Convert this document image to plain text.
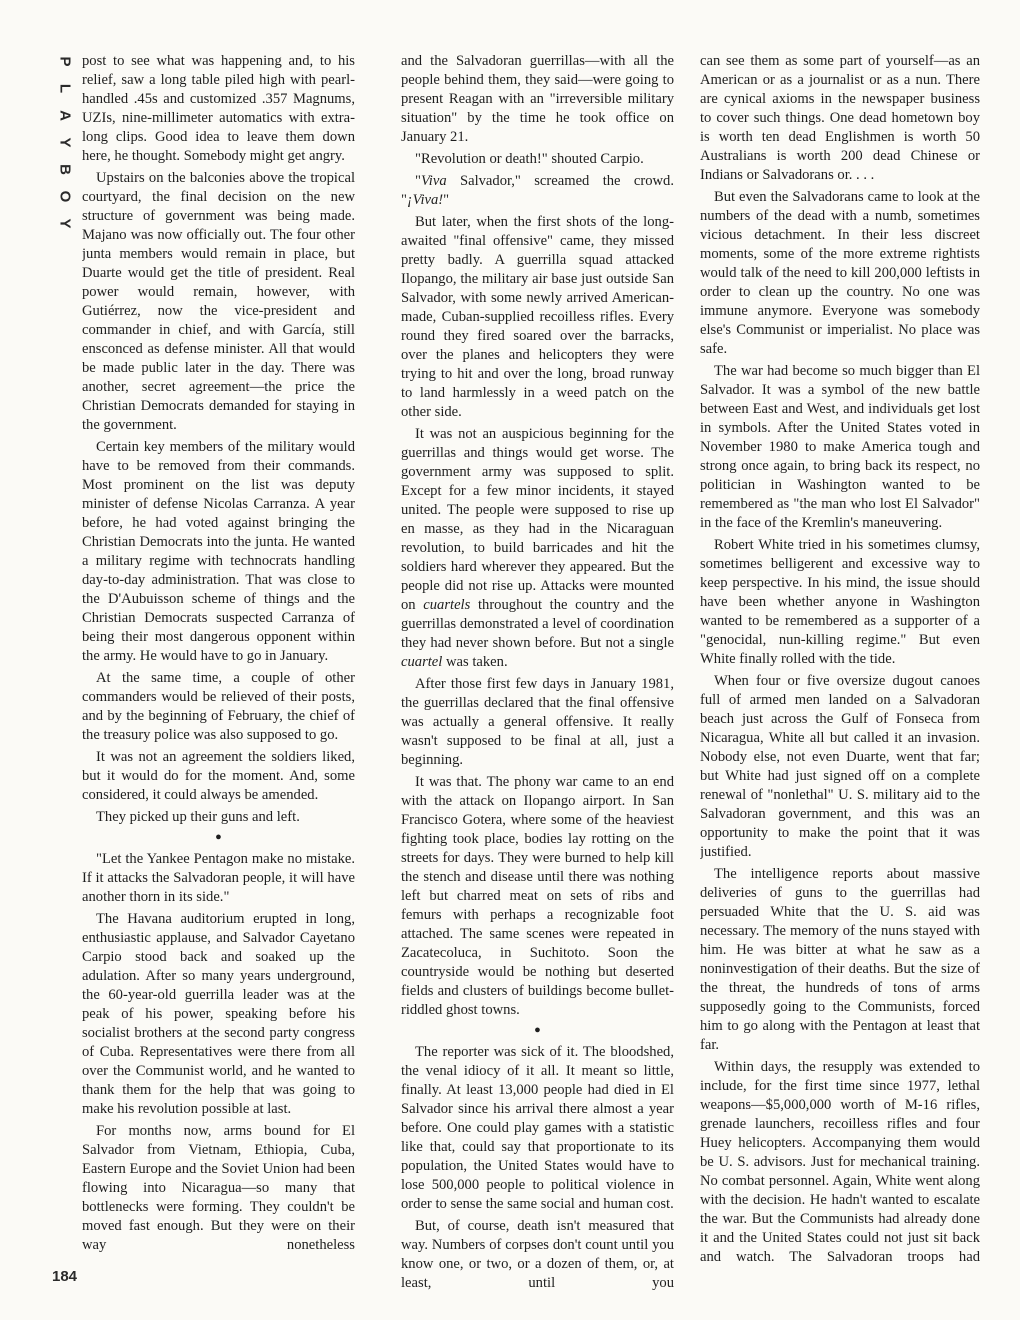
P
L
A
Y
B
O
Y
184

post to see what was happening and, to his relief, saw a long table piled high with pearl-handled .45s and customized .357 Magnums, UZIs, nine-millimeter automatics with extra-long clips. Good idea to leave them down here, he thought. Somebody might get angry.

Upstairs on the balconies above the tropical courtyard, the final decision on the new structure of government was being made. Majano was now officially out. The four other junta members would remain in place, but Duarte would get the title of president. Real power would remain, however, with Gutiérrez, now the vice-president and commander in chief, and with García, still ensconced as defense minister. All that would be made public later in the day. There was another, secret agreement—the price the Christian Democrats demanded for staying in the government.

Certain key members of the military would have to be removed from their commands. Most prominent on the list was deputy minister of defense Nicolas Carranza. A year before, he had voted against bringing the Christian Democrats into the junta. He wanted a military regime with technocrats handling day-to-day administration. That was close to the D'Aubuisson scheme of things and the Christian Democrats suspected Carranza of being their most dangerous opponent within the army. He would have to go in January.

At the same time, a couple of other commanders would be relieved of their posts, and by the beginning of February, the chief of the treasury police was also supposed to go.

It was not an agreement the soldiers liked, but it would do for the moment. And, some considered, it could always be amended.

They picked up their guns and left.

●

"Let the Yankee Pentagon make no mistake. If it attacks the Salvadoran people, it will have another thorn in its side."

The Havana auditorium erupted in long, enthusiastic applause, and Salvador Cayetano Carpio stood back and soaked up the adulation. After so many years underground, the 60-year-old guerrilla leader was at the peak of his power, speaking before his socialist brothers at the second party congress of Cuba. Representatives were there from all over the Communist world, and he wanted to thank them for the help that was going to make his revolution possible at last.

For months now, arms bound for El Salvador from Vietnam, Ethiopia, Cuba, Eastern Europe and the Soviet Union had been flowing into Nicaragua—so many that bottlenecks were forming. They couldn't be moved fast enough. But they were on their way nonetheless

and the Salvadoran guerrillas—with all the people behind them, they said—were going to present Reagan with an "irreversible military situation" by the time he took office on January 21.

"Revolution or death!" shouted Carpio.

"Viva Salvador," screamed the crowd. "¡Viva!"

But later, when the first shots of the long-awaited "final offensive" came, they missed pretty badly. A guerrilla squad attacked Ilopango, the military air base just outside San Salvador, with some newly arrived American-made, Cuban-supplied recoilless rifles. Every round they fired soared over the barracks, over the planes and helicopters they were trying to hit and over the long, broad runway to land harmlessly in a weed patch on the other side.

It was not an auspicious beginning for the guerrillas and things would get worse. The government army was supposed to split. Except for a few minor incidents, it stayed united. The people were supposed to rise up en masse, as they had in the Nicaraguan revolution, to build barricades and hit the soldiers hard wherever they appeared. But the people did not rise up. Attacks were mounted on cuartels throughout the country and the guerrillas demonstrated a level of coordination they had never shown before. But not a single cuartel was taken.

After those first few days in January 1981, the guerrillas declared that the final offensive was actually a general offensive. It really wasn't supposed to be final at all, just a beginning.

It was that. The phony war came to an end with the attack on Ilopango airport. In San Francisco Gotera, where some of the heaviest fighting took place, bodies lay rotting on the streets for days. They were burned to help kill the stench and disease until there was nothing left but charred meat on sets of ribs and femurs with perhaps a recognizable foot attached. The same scenes were repeated in Zacatecoluca, in Suchitoto. Soon the countryside would be nothing but deserted fields and clusters of buildings become bullet-riddled ghost towns.

●

The reporter was sick of it. The bloodshed, the venal idiocy of it all. It meant so little, finally. At least 13,000 people had died in El Salvador since his arrival there almost a year before. One could play games with a statistic like that, could say that proportionate to its population, the United States would have to lose 500,000 people to political violence in order to sense the same social and human cost.

But, of course, death isn't measured that way. Numbers of corpses don't count until you know one, or two, or a dozen of them, or, at least, until you

can see them as some part of yourself—as an American or as a journalist or as a nun. There are cynical axioms in the newspaper business to cover such things. One dead hometown boy is worth ten dead Englishmen is worth 50 Australians is worth 200 dead Chinese or Indians or Salvadorans or. . . .

But even the Salvadorans came to look at the numbers of the dead with a numb, sometimes vicious detachment. In their less discreet moments, some of the more extreme rightists would talk of the need to kill 200,000 leftists in order to clean up the country. No one was immune anymore. Everyone was somebody else's Communist or imperialist. No place was safe.

The war had become so much bigger than El Salvador. It was a symbol of the new battle between East and West, and individuals get lost in symbols. After the United States voted in November 1980 to make America tough and strong once again, to bring back its respect, no politician in Washington wanted to be remembered as "the man who lost El Salvador" in the face of the Kremlin's maneuvering.

Robert White tried in his sometimes clumsy, sometimes belligerent and excessive way to keep perspective. In his mind, the issue should have been whether anyone in Washington wanted to be remembered as a supporter of a "genocidal, nun-killing regime." But even White finally rolled with the tide.

When four or five oversize dugout canoes full of armed men landed on a Salvadoran beach just across the Gulf of Fonseca from Nicaragua, White all but called it an invasion. Nobody else, not even Duarte, went that far; but White had just signed off on a complete renewal of "nonlethal" U. S. military aid to the Salvadoran government, and this was an opportunity to make the point that it was justified.

The intelligence reports about massive deliveries of guns to the guerrillas had persuaded White that the U. S. aid was necessary. The memory of the nuns stayed with him. He was bitter at what he saw as a noninvestigation of their deaths. But the size of the threat, the hundreds of tons of arms supposedly going to the Communists, forced him to go along with the Pentagon at least that far.

Within days, the resupply was extended to include, for the first time since 1977, lethal weapons—$5,000,000 worth of M-16 rifles, grenade launchers, recoilless rifles and four Huey helicopters. Accompanying them would be U. S. advisors. Just for mechanical training. No combat personnel. Again, White went along with the decision. He hadn't wanted to escalate the war. But the Communists had already done it and the United States could not just sit back and watch. The Salvadoran troops had
